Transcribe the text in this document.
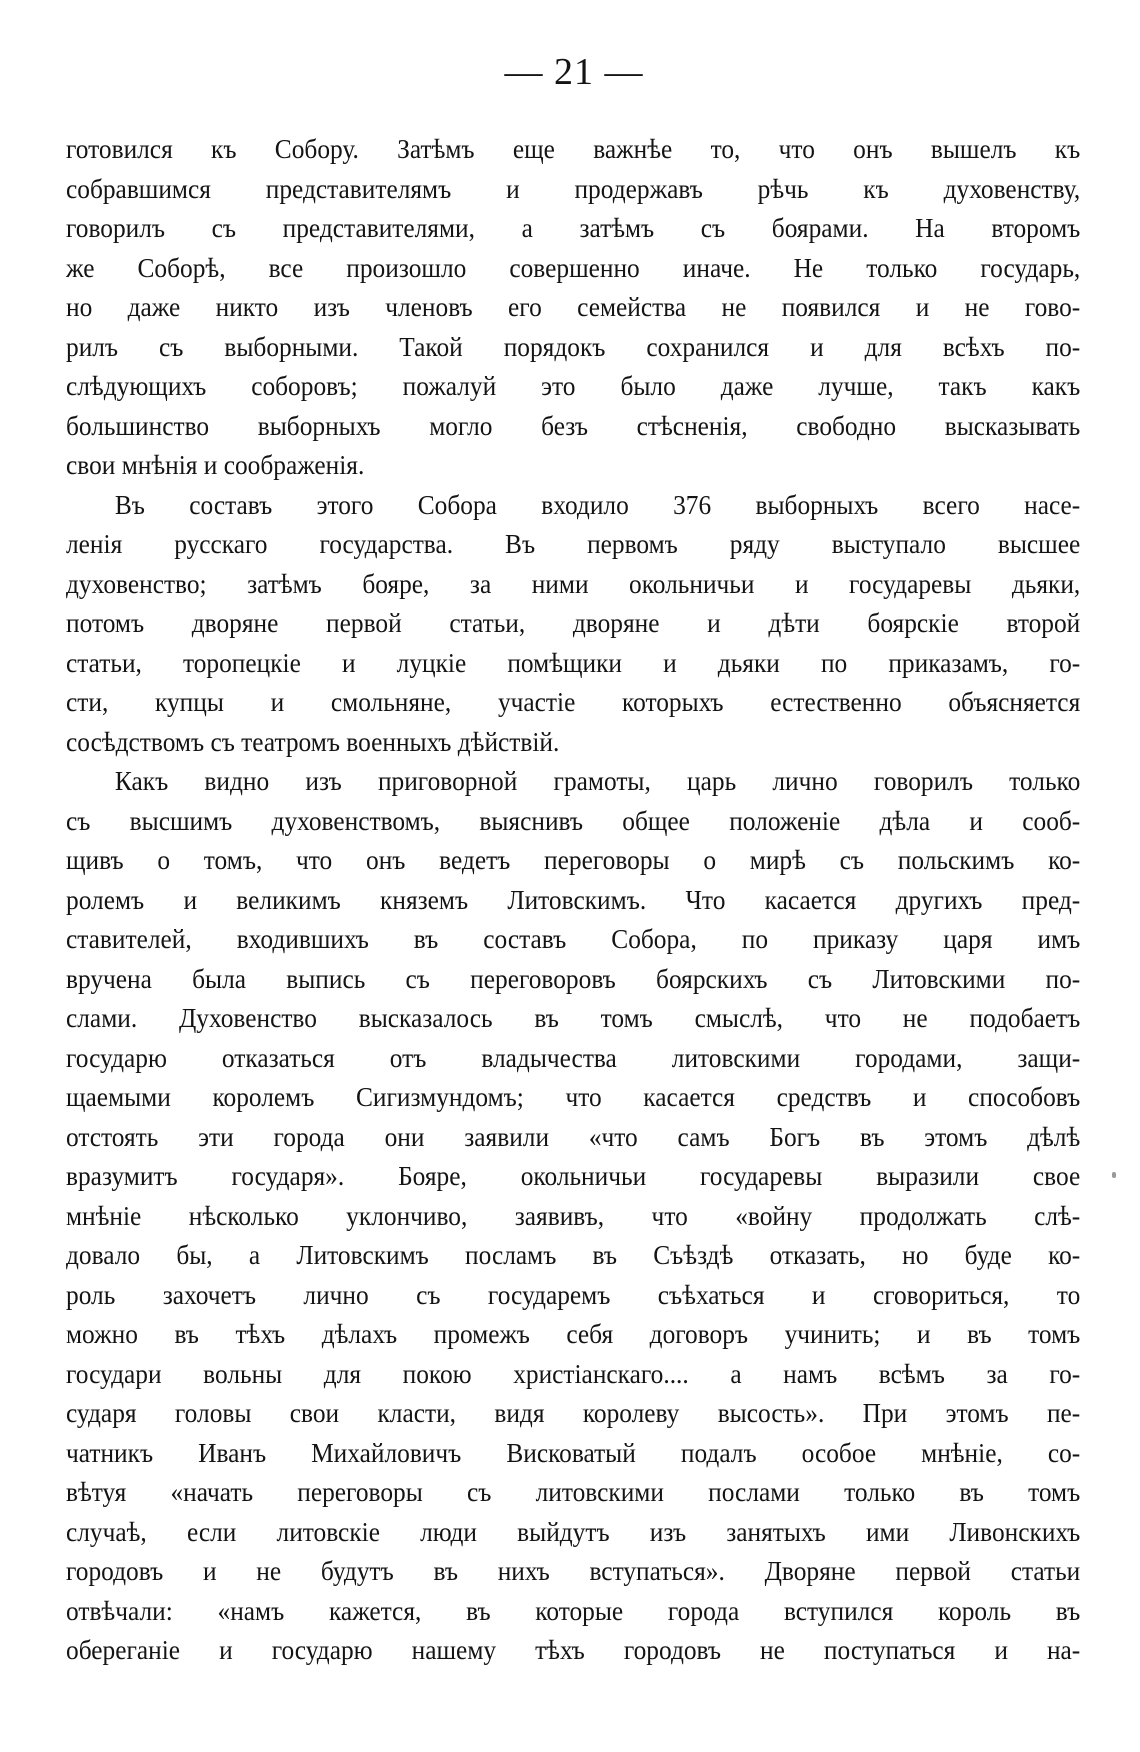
— 21 —

готовился къ Собору. Затѣмъ еще важнѣе то, что онъ вышелъ къ
собравшимся представителямъ и продержавъ рѣчь къ духовенству,
говорилъ съ представителями, а затѣмъ съ боярами. На второмъ
же Соборѣ, все произошло совершенно иначе. Не только государь,
но даже никто изъ членовъ его семейства не появился и не гово-
рилъ съ выборными. Такой порядокъ сохранился и для всѣхъ по-
слѣдующихъ соборовъ; пожалуй это было даже лучше, такъ какъ
большинство выборныхъ могло безъ стѣсненія, свободно высказывать
свои мнѣнія и соображенія.

Въ составъ этого Собора входило 376 выборныхъ всего насе-
ленія русскаго государства. Въ первомъ ряду выступало высшее
духовенство; затѣмъ бояре, за ними окольничьи и государевы дьяки,
потомъ дворяне первой статьи, дворяне и дѣти боярскіе второй
статьи, торопецкіе и луцкіе помѣщики и дьяки по приказамъ, го-
сти, купцы и смольняне, участіе которыхъ естественно объясняется
сосѣдствомъ съ театромъ военныхъ дѣйствій.

Какъ видно изъ приговорной грамоты, царь лично говорилъ только
съ высшимъ духовенствомъ, выяснивъ общее положеніе дѣла и сооб-
щивъ о томъ, что онъ ведетъ переговоры о мирѣ съ польскимъ ко-
ролемъ и великимъ княземъ Литовскимъ. Что касается другихъ пред-
ставителей, входившихъ въ составъ Собора, по приказу царя имъ
вручена была выпись съ переговоровъ боярскихъ съ Литовскими по-
слами. Духовенство высказалось въ томъ смыслѣ, что не подобаетъ
государю отказаться отъ владычества литовскими городами, защи-
щаемыми королемъ Сигизмундомъ; что касается средствъ и способовъ
отстоять эти города они заявили «что самъ Богъ въ этомъ дѣлѣ
вразумитъ государя». Бояре, окольничьи государевы выразили свое
мнѣніе нѣсколько уклончиво, заявивъ, что «войну продолжать слѣ-
довало бы, а Литовскимъ посламъ въ Съѣздѣ отказать, но буде ко-
роль захочетъ лично съ государемъ съѣхаться и сговориться, то
можно въ тѣхъ дѣлахъ промежъ себя договоръ учинить; и въ томъ
государи вольны для покою христіанскаго.... а намъ всѣмъ за го-
сударя головы свои класти, видя королеву высость». При этомъ пе-
чатникъ Иванъ Михайловичъ Висковатый подалъ особое мнѣніе, со-
вѣтуя «начать переговоры съ литовскими послами только въ томъ
случаѣ, если литовскіе люди выйдутъ изъ занятыхъ ими Ливонскихъ
городовъ и не будутъ въ нихъ вступаться». Дворяне первой статьи
отвѣчали: «намъ кажется, въ которые города вступился король въ
обереганіе и государю нашему тѣхъ городовъ не поступаться и на-
